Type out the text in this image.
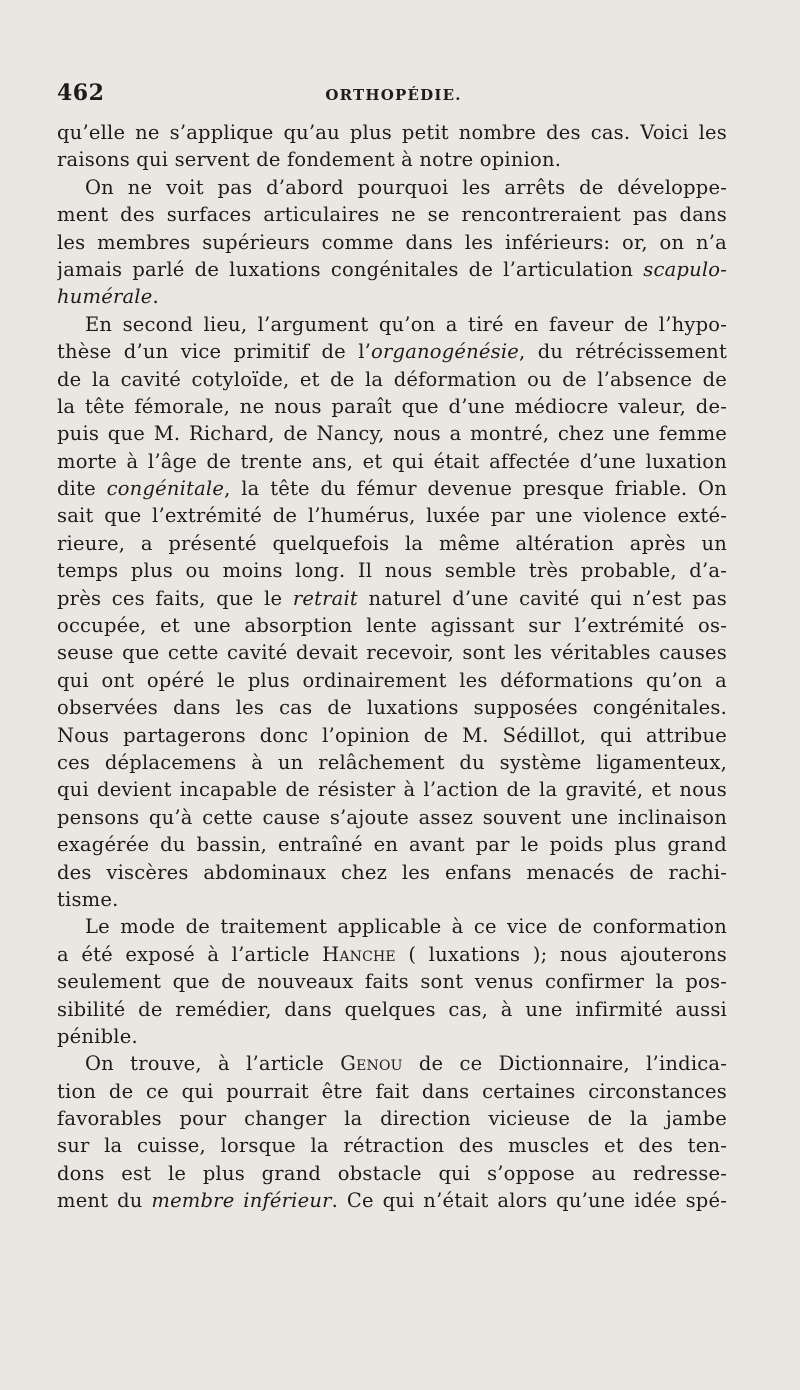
462	ORTHOPÉDIE.
qu’elle ne s’applique qu’au plus petit nombre des cas. Voici les
raisons qui servent de fondement à notre opinion.
On ne voit pas d’abord pourquoi les arrêts de développe-
ment des surfaces articulaires ne se rencontreraient pas dans
les membres supérieurs comme dans les inférieurs: or, on n’a
jamais parlé de luxations congénitales de l’articulation scapulo-
humérale.
En second lieu, l’argument qu’on a tiré en faveur de l’hypo-
thèse d’un vice primitif de l’organogénésie, du rétrécissement
de la cavité cotyloïde, et de la déformation ou de l’absence de
la tête fémorale, ne nous paraît que d’une médiocre valeur, de-
puis que M. Richard, de Nancy, nous a montré, chez une femme
morte à l’âge de trente ans, et qui était affectée d’une luxation
dite congénitale, la tête du fémur devenue presque friable. On
sait que l’extrémité de l’humérus, luxée par une violence exté-
rieure, a présenté quelquefois la même altération après un
temps plus ou moins long. Il nous semble très probable, d’a-
près ces faits, que le retrait naturel d’une cavité qui n’est pas
occupée, et une absorption lente agissant sur l’extrémité os-
seuse que cette cavité devait recevoir, sont les véritables causes
qui ont opéré le plus ordinairement les déformations qu’on a
observées dans les cas de luxations supposées congénitales.
Nous partagerons donc l’opinion de M. Sédillot, qui attribue
ces déplacemens à un relâchement du système ligamenteux,
qui devient incapable de résister à l’action de la gravité, et nous
pensons qu’à cette cause s’ajoute assez souvent une inclinaison
exagérée du bassin, entraîné en avant par le poids plus grand
des viscères abdominaux chez les enfans menacés de rachi-
tisme.
Le mode de traitement applicable à ce vice de conformation
a été exposé à l’article Hanche ( luxations ); nous ajouterons
seulement que de nouveaux faits sont venus confirmer la pos-
sibilité de remédier, dans quelques cas, à une infirmité aussi
pénible.
On trouve, à l’article Genou de ce Dictionnaire, l’indica-
tion de ce qui pourrait être fait dans certaines circonstances
favorables pour changer la direction vicieuse de la jambe
sur la cuisse, lorsque la rétraction des muscles et des ten-
dons est le plus grand obstacle qui s’oppose au redresse-
ment du membre inférieur. Ce qui n’était alors qu’une idée spé-
